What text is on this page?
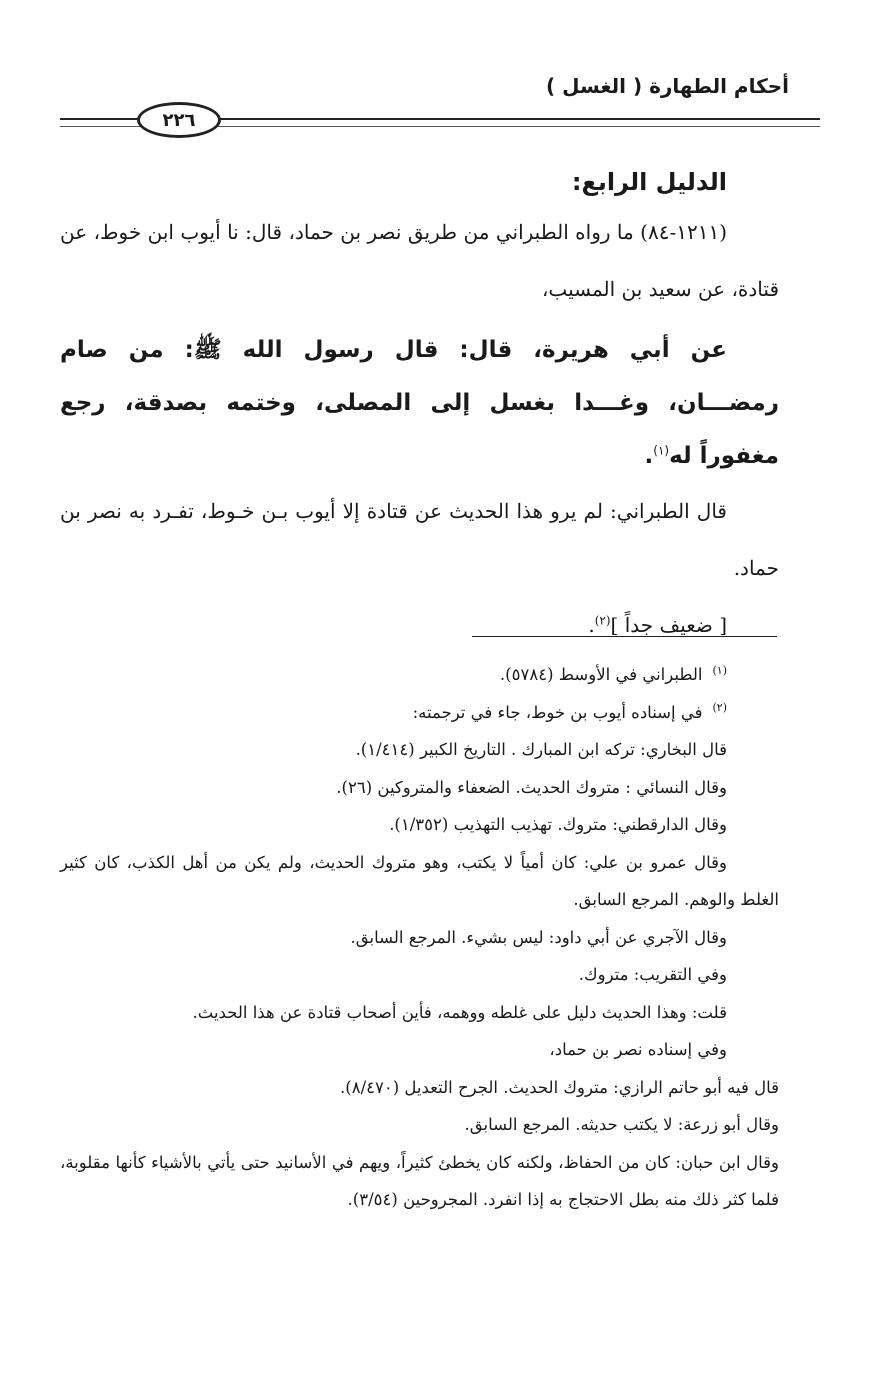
أحكام الطهارة ( الغسل )
٢٢٦

الدليل الرابع:

(١٢١١-٨٤) ما رواه الطبراني من طريق نصر بن حماد، قال: نا أيوب ابن خوط، عن قتادة، عن سعيد بن المسيب،

عن أبي هريرة، قال: قال رسول الله ﷺ: من صام رمضـــان، وغـــدا بغسل إلى المصلى، وختمه بصدقة، رجع مغفوراً له$^{(١)}$.

قال الطبراني: لم يرو هذا الحديث عن قتادة إلا أيوب بـن خـوط، تفـرد به نصر بن حماد.

[ ضعيف جداً ]$^{(٢)}$.

(١)الطبراني في الأوسط (٥٧٨٤).

(٢)في إسناده أيوب بن خوط، جاء في ترجمته:

قال البخاري: تركه ابن المبارك . التاريخ الكبير (١/٤١٤).

وقال النسائي : متروك الحديث. الضعفاء والمتروكين (٢٦).

وقال الدارقطني: متروك. تهذيب التهذيب (١/٣٥٢).

وقال عمرو بن علي: كان أمياً لا يكتب، وهو متروك الحديث، ولم يكن من أهل الكذب، كان كثير الغلط والوهم. المرجع السابق.

وقال الآجري عن أبي داود: ليس بشيء. المرجع السابق.

وفي التقريب: متروك.

قلت: وهذا الحديث دليل على غلطه ووهمه، فأين أصحاب قتادة عن هذا الحديث.

وفي إسناده نصر بن حماد،

قال فيه أبو حاتم الرازي: متروك الحديث. الجرح التعديل (٨/٤٧٠).

وقال أبو زرعة: لا يكتب حديثه. المرجع السابق.

وقال ابن حبان: كان من الحفاظ، ولكنه كان يخطئ كثيراً، ويهم في الأسانيد حتى يأتي بالأشياء كأنها مقلوبة، فلما كثر ذلك منه بطل الاحتجاج به إذا انفرد. المجروحين (٣/٥٤).
